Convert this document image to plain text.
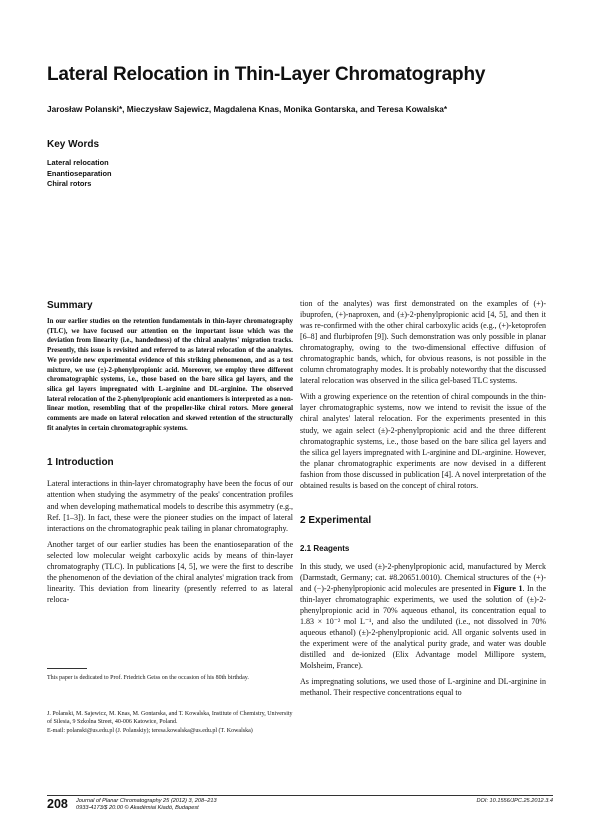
Lateral Relocation in Thin-Layer Chromatography
Jarosław Polanski*, Mieczysław Sajewicz, Magdalena Knas, Monika Gontarska, and Teresa Kowalska*
Key Words
Lateral relocation
Enantioseparation
Chiral rotors

Summary

In our earlier studies on the retention fundamentals in thin-layer chromatography (TLC), we have focused our attention on the important issue which was the deviation from linearity (i.e., handedness) of the chiral analytes' migration tracks. Presently, this issue is revisited and referred to as lateral relocation of the analytes. We provide new experimental evidence of this striking phenomenon, and as a test mixture, we use (±)-2-phenylpropionic acid. Moreover, we employ three different chromatographic systems, i.e., those based on the bare silica gel layers, and the silica gel layers impregnated with L-arginine and DL-arginine. The observed lateral relocation of the 2-phenylpropionic acid enantiomers is interpreted as a non-linear motion, resembling that of the propeller-like chiral rotors. More general comments are made on lateral relocation and skewed retention of the structurally fit analytes in certain chromatographic systems.

1 Introduction

Lateral interactions in thin-layer chromatography have been the focus of our attention when studying the asymmetry of the peaks' concentration profiles and when developing mathematical models to describe this asymmetry (e.g., Ref. [1–3]). In fact, these were the pioneer studies on the impact of lateral interactions on the chromatographic peak tailing in planar chromatography.

Another target of our earlier studies has been the enantioseparation of the selected low molecular weight carboxylic acids by means of thin-layer chromatography (TLC). In publications [4, 5], we were the first to describe the phenomenon of the deviation of the chiral analytes' migration track from linearity. This deviation from linearity (presently referred to as lateral reloca-

tion of the analytes) was first demonstrated on the examples of (+)-ibuprofen, (+)-naproxen, and (±)-2-phenylpropionic acid [4, 5], and then it was re-confirmed with the other chiral carboxylic acids (e.g., (+)-ketoprofen [6–8] and flurbiprofen [9]). Such demonstration was only possible in planar chromatography, owing to the two-dimensional effective diffusion of chromatographic bands, which, for obvious reasons, is not possible in the column chromatography modes. It is probably noteworthy that the discussed lateral relocation was observed in the silica gel-based TLC systems.

With a growing experience on the retention of chiral compounds in the thin-layer chromatographic systems, now we intend to revisit the issue of the chiral analytes' lateral relocation. For the experiments presented in this study, we again select (±)-2-phenylpropionic acid and the three different chromatographic systems, i.e., those based on the bare silica gel layers and the silica gel layers impregnated with L-arginine and DL-arginine. However, the planar chromatographic experiments are now devised in a different fashion from those discussed in publication [4]. A novel interpretation of the obtained results is based on the concept of chiral rotors.

2 Experimental

2.1 Reagents

In this study, we used (±)-2-phenylpropionic acid, manufactured by Merck (Darmstadt, Germany; cat. #8.20651.0010). Chemical structures of the (+)- and (−)-2-phenylpropionic acid molecules are presented in Figure 1. In the thin-layer chromatographic experiments, we used the solution of (±)-2-phenylpropionic acid in 70% aqueous ethanol, its concentration equal to 1.83 × 10⁻² mol L⁻¹, and also the undiluted (i.e., not dissolved in 70% aqueous ethanol) (±)-2-phenylpropionic acid. All organic solvents used in the experiment were of the analytical purity grade, and water was double distilled and de-ionized (Elix Advantage model Millipore system, Molsheim, France).

As impregnating solutions, we used those of L-arginine and DL-arginine in methanol. Their respective concentrations equal to

This paper is dedicated to Prof. Friedrich Geiss on the occasion of his 80th birthday.
J. Polanski, M. Sajewicz, M. Knas, M. Gontarska, and T. Kowalska, Institute of Chemistry, University of Silesia, 9 Szkolna Street, 40-006 Katowice, Poland.
E-mail: polanski@us.edu.pl (J. Polanskiy); teresa.kowalska@us.edu.pl (T. Kowalska)
208 Journal of Planar Chromatography 25 (2012) 3, 208–213
0933-4173/$ 20.00 © Akadémiai Kiadó, Budapest
DOI: 10.1556/JPC.25.2012.3.4
